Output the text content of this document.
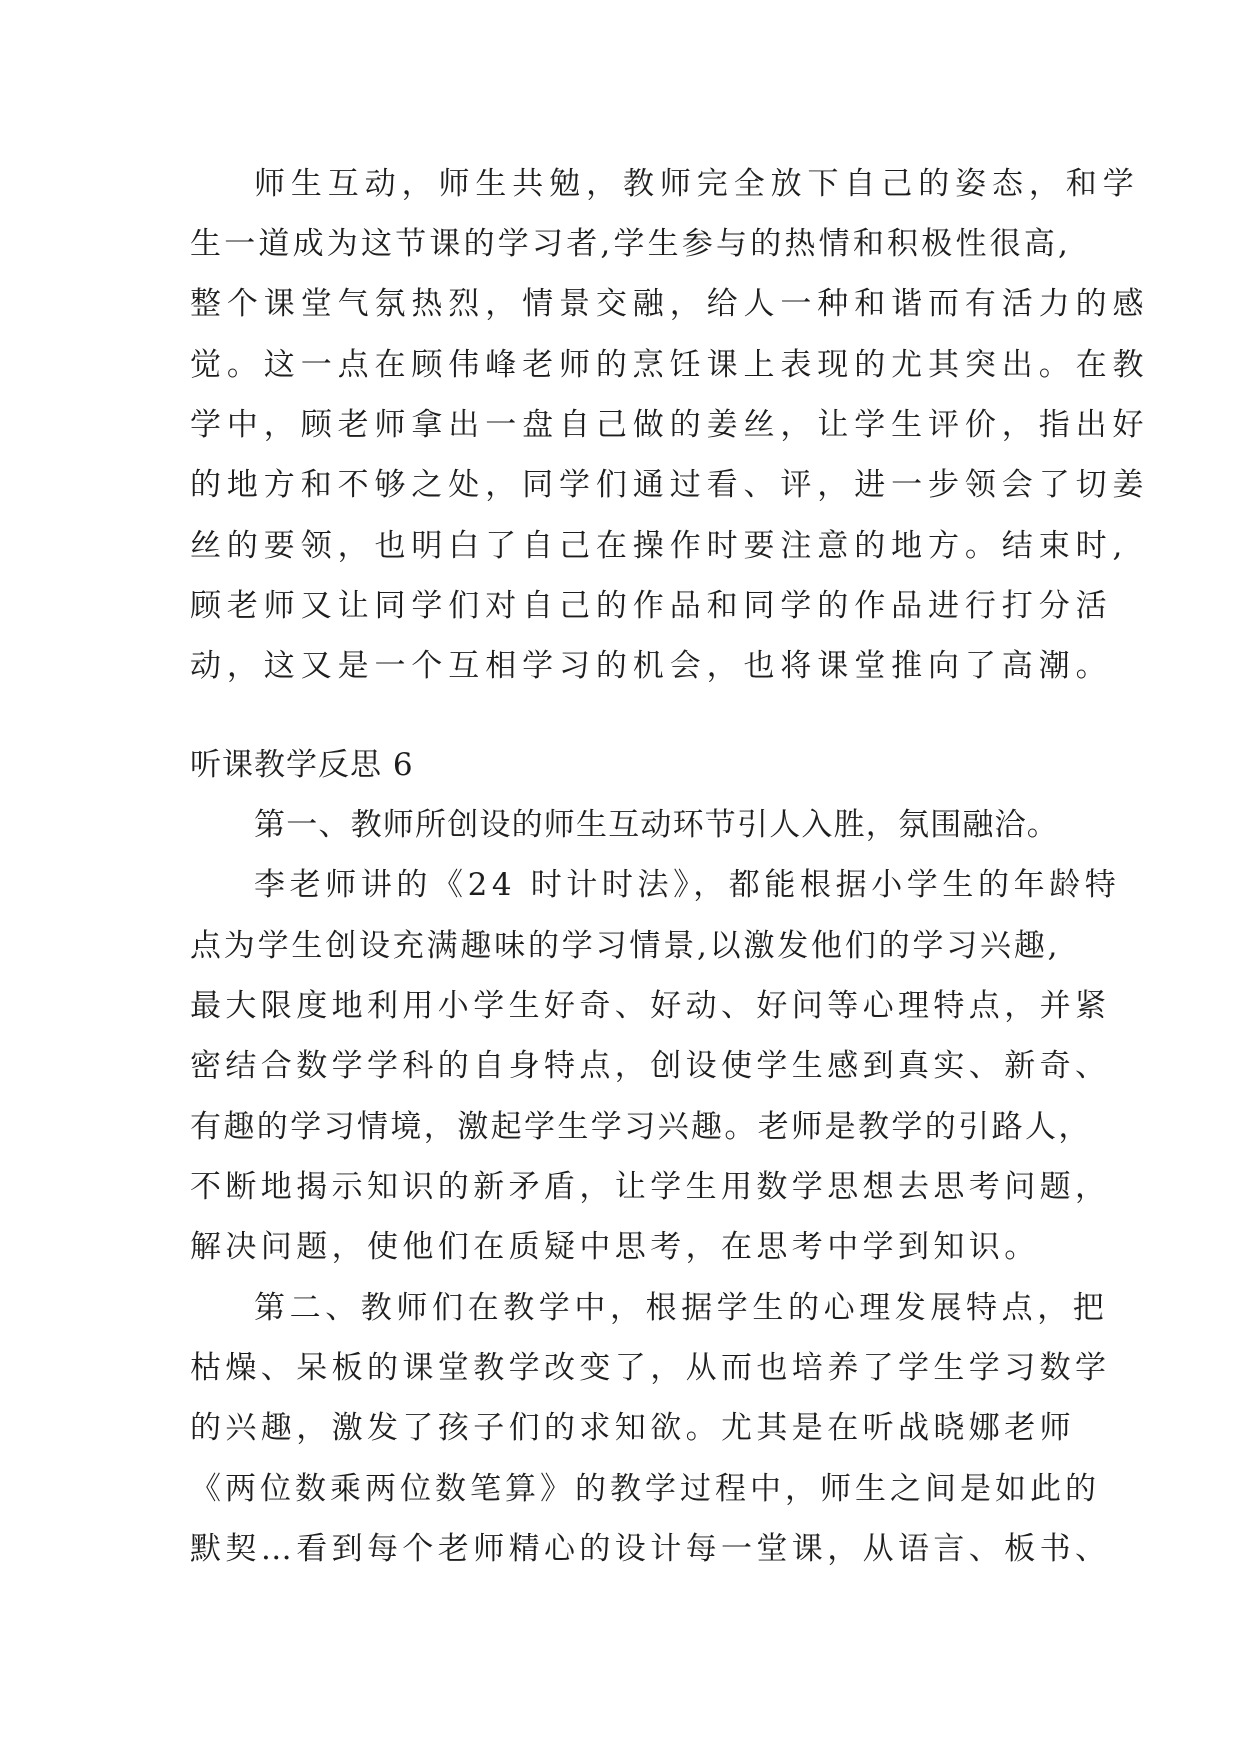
师生互动，师生共勉，教师完全放下自己的姿态，和学

生一道成为这节课的学习者,学生参与的热情和积极性很高,

整个课堂气氛热烈，情景交融，给人一种和谐而有活力的感

觉。这一点在顾伟峰老师的烹饪课上表现的尤其突出。在教

学中，顾老师拿出一盘自己做的姜丝，让学生评价，指出好

的地方和不够之处，同学们通过看、评，进一步领会了切姜

丝的要领，也明白了自己在操作时要注意的地方。结束时,

顾老师又让同学们对自己的作品和同学的作品进行打分活

动，这又是一个互相学习的机会，也将课堂推向了高潮。

听课教学反思 6

第一、教师所创设的师生互动环节引人入胜，氛围融洽。

李老师讲的《24 时计时法》，都能根据小学生的年龄特

点为学生创设充满趣味的学习情景,以激发他们的学习兴趣,

最大限度地利用小学生好奇、好动、好问等心理特点，并紧

密结合数学学科的自身特点，创设使学生感到真实、新奇、

有趣的学习情境，激起学生学习兴趣。老师是教学的引路人，

不断地揭示知识的新矛盾，让学生用数学思想去思考问题，

解决问题，使他们在质疑中思考，在思考中学到知识。

第二、教师们在教学中，根据学生的心理发展特点，把

枯燥、呆板的课堂教学改变了，从而也培养了学生学习数学

的兴趣，激发了孩子们的求知欲。尤其是在听战晓娜老师

《两位数乘两位数笔算》的教学过程中，师生之间是如此的

默契…看到每个老师精心的设计每一堂课，从语言、板书、
